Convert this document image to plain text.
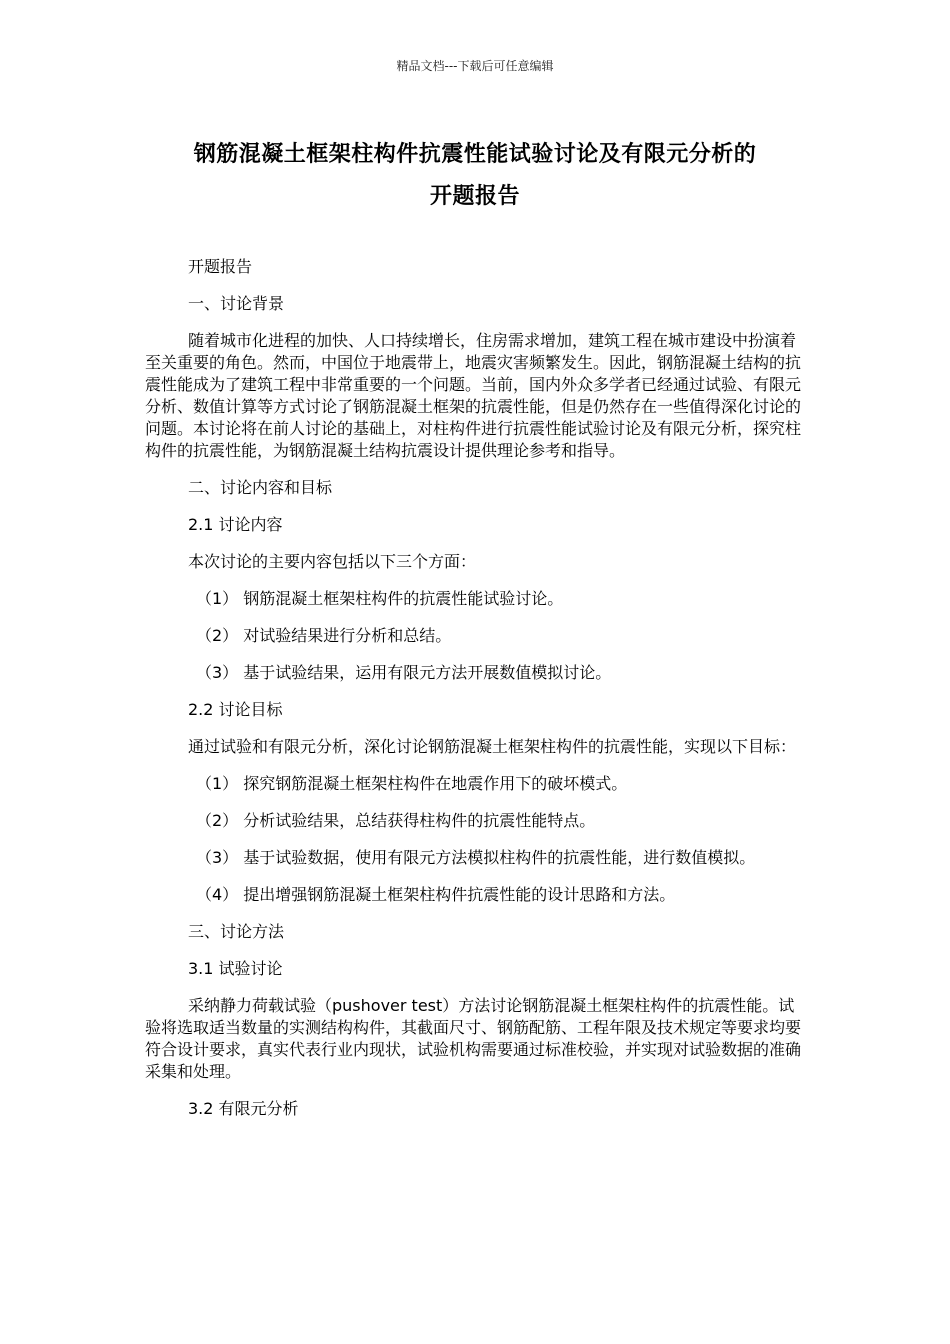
精品文档---下载后可任意编辑
钢筋混凝土框架柱构件抗震性能试验讨论及有限元分析的
开题报告

开题报告

一、讨论背景

随着城市化进程的加快、人口持续增长，住房需求增加，建筑工程在城市建设中扮演着至关重要的角色。然而，中国位于地震带上，地震灾害频繁发生。因此，钢筋混凝土结构的抗震性能成为了建筑工程中非常重要的一个问题。当前，国内外众多学者已经通过试验、有限元分析、数值计算等方式讨论了钢筋混凝土框架的抗震性能，但是仍然存在一些值得深化讨论的问题。本讨论将在前人讨论的基础上，对柱构件进行抗震性能试验讨论及有限元分析，探究柱构件的抗震性能，为钢筋混凝土结构抗震设计提供理论参考和指导。

二、讨论内容和目标

2.1 讨论内容

本次讨论的主要内容包括以下三个方面：

（1） 钢筋混凝土框架柱构件的抗震性能试验讨论。

（2） 对试验结果进行分析和总结。

（3） 基于试验结果，运用有限元方法开展数值模拟讨论。

2.2 讨论目标

通过试验和有限元分析，深化讨论钢筋混凝土框架柱构件的抗震性能，实现以下目标：

（1） 探究钢筋混凝土框架柱构件在地震作用下的破坏模式。

（2） 分析试验结果，总结获得柱构件的抗震性能特点。

（3） 基于试验数据，使用有限元方法模拟柱构件的抗震性能，进行数值模拟。

（4） 提出增强钢筋混凝土框架柱构件抗震性能的设计思路和方法。

三、讨论方法

3.1 试验讨论

采纳静力荷载试验（pushover test）方法讨论钢筋混凝土框架柱构件的抗震性能。试验将选取适当数量的实测结构构件，其截面尺寸、钢筋配筋、工程年限及技术规定等要求均要符合设计要求，真实代表行业内现状，试验机构需要通过标准校验，并实现对试验数据的准确采集和处理。

3.2 有限元分析
